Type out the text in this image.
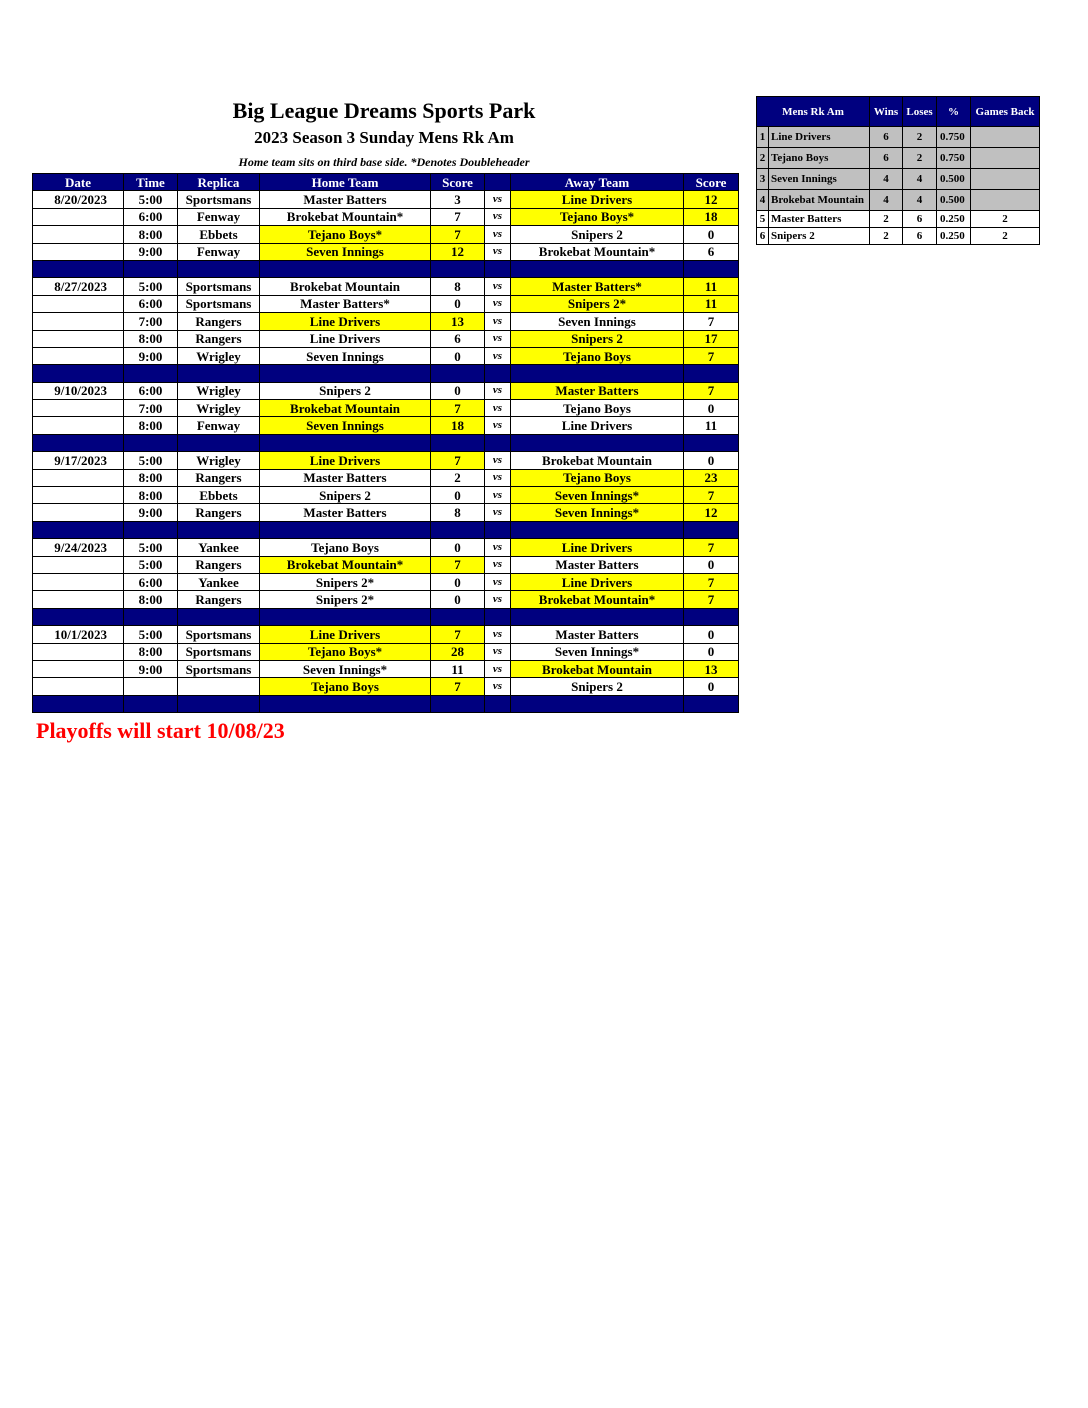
Big League Dreams Sports Park
2023 Season 3 Sunday Mens Rk Am
Home team sits on third base side. *Denotes Doubleheader
Date	Time	Replica	Home Team	Score		Away Team	Score
8/20/2023	5:00	Sportsmans	Master Batters	3	vs	Line Drivers	12
	6:00	Fenway	Brokebat Mountain*	7	vs	Tejano Boys*	18
	8:00	Ebbets	Tejano Boys*	7	vs	Snipers 2	0
	9:00	Fenway	Seven Innings	12	vs	Brokebat Mountain*	6

8/27/2023	5:00	Sportsmans	Brokebat Mountain	8	vs	Master Batters*	11
	6:00	Sportsmans	Master Batters*	0	vs	Snipers 2*	11
	7:00	Rangers	Line Drivers	13	vs	Seven Innings	7
	8:00	Rangers	Line Drivers	6	vs	Snipers 2	17
	9:00	Wrigley	Seven Innings	0	vs	Tejano Boys	7

9/10/2023	6:00	Wrigley	Snipers 2	0	vs	Master Batters	7
	7:00	Wrigley	Brokebat Mountain	7	vs	Tejano Boys	0
	8:00	Fenway	Seven Innings	18	vs	Line Drivers	11

9/17/2023	5:00	Wrigley	Line Drivers	7	vs	Brokebat Mountain	0
	8:00	Rangers	Master Batters	2	vs	Tejano Boys	23
	8:00	Ebbets	Snipers 2	0	vs	Seven Innings*	7
	9:00	Rangers	Master Batters	8	vs	Seven Innings*	12

9/24/2023	5:00	Yankee	Tejano Boys	0	vs	Line Drivers	7
	5:00	Rangers	Brokebat Mountain*	7	vs	Master Batters	0
	6:00	Yankee	Snipers 2*	0	vs	Line Drivers	7
	8:00	Rangers	Snipers 2*	0	vs	Brokebat Mountain*	7

10/1/2023	5:00	Sportsmans	Line Drivers	7	vs	Master Batters	0
	8:00	Sportsmans	Tejano Boys*	28	vs	Seven Innings*	0
	9:00	Sportsmans	Seven Innings*	11	vs	Brokebat Mountain	13
			Tejano Boys	7	vs	Snipers 2	0

Mens Rk Am		Wins	Loses	%	Games Back
1	Line Drivers	6	2	0.750	
2	Tejano Boys	6	2	0.750	
3	Seven Innings	4	4	0.500	
4	Brokebat Mountain	4	4	0.500	
5	Master Batters	2	6	0.250	2
6	Snipers 2	2	6	0.250	2
Playoffs will start 10/08/23
